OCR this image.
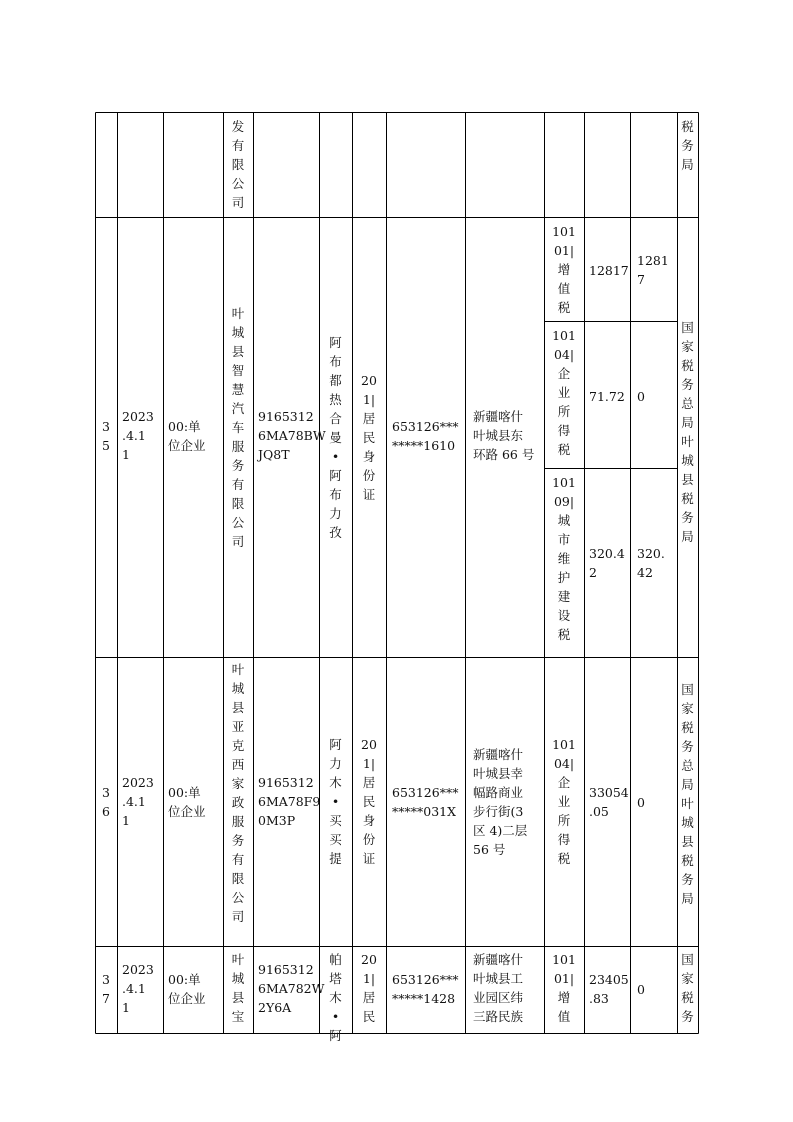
发
有
限
公
司
税
务
局
3
5
2023
.4.1
1
00:单
位企业
叶
城
县
智
慧
汽
车
服
务
有
限
公
司
9165312
6MA78BW
JQ8T
阿
布
都
热
合
曼
•
阿
布
力
孜
20
1|
居
民
身
份
证
653126***
*****1610
新疆喀什
叶城县东
环路 66 号
国
家
税
务
总
局
叶
城
县
税
务
局
101
01|
增
值
税
12817
1281
7
101
04|
企
业
所
得
税
71.72 0
101
09|
城
市
维
护
建
设
税
320.4
2
320.
42
3
6
2023
.4.1
1
00:单
位企业
叶
城
县
亚
克
西
家
政
服
务
有
限
公
司
9165312
6MA78F9
0M3P
阿
力
木
•
买
买
提
20
1|
居
民
身
份
证
653126***
*****031X
新疆喀什
叶城县幸
幅路商业
步行街(3
区 4)二层
56 号
101
04|
企
业
所
得
税
33054
.05
0
国
家
税
务
总
局
叶
城
县
税
务
局
3
7
2023
.4.1
1
00:单
位企业
叶
城
县
宝
9165312
6MA782W
2Y6A
帕
塔
木
•
阿
20
1|
居
民
653126***
*****1428
新疆喀什
叶城县工
业园区纬
三路民族
101
01|
增
值
23405
.83
0
国
家
税
务
